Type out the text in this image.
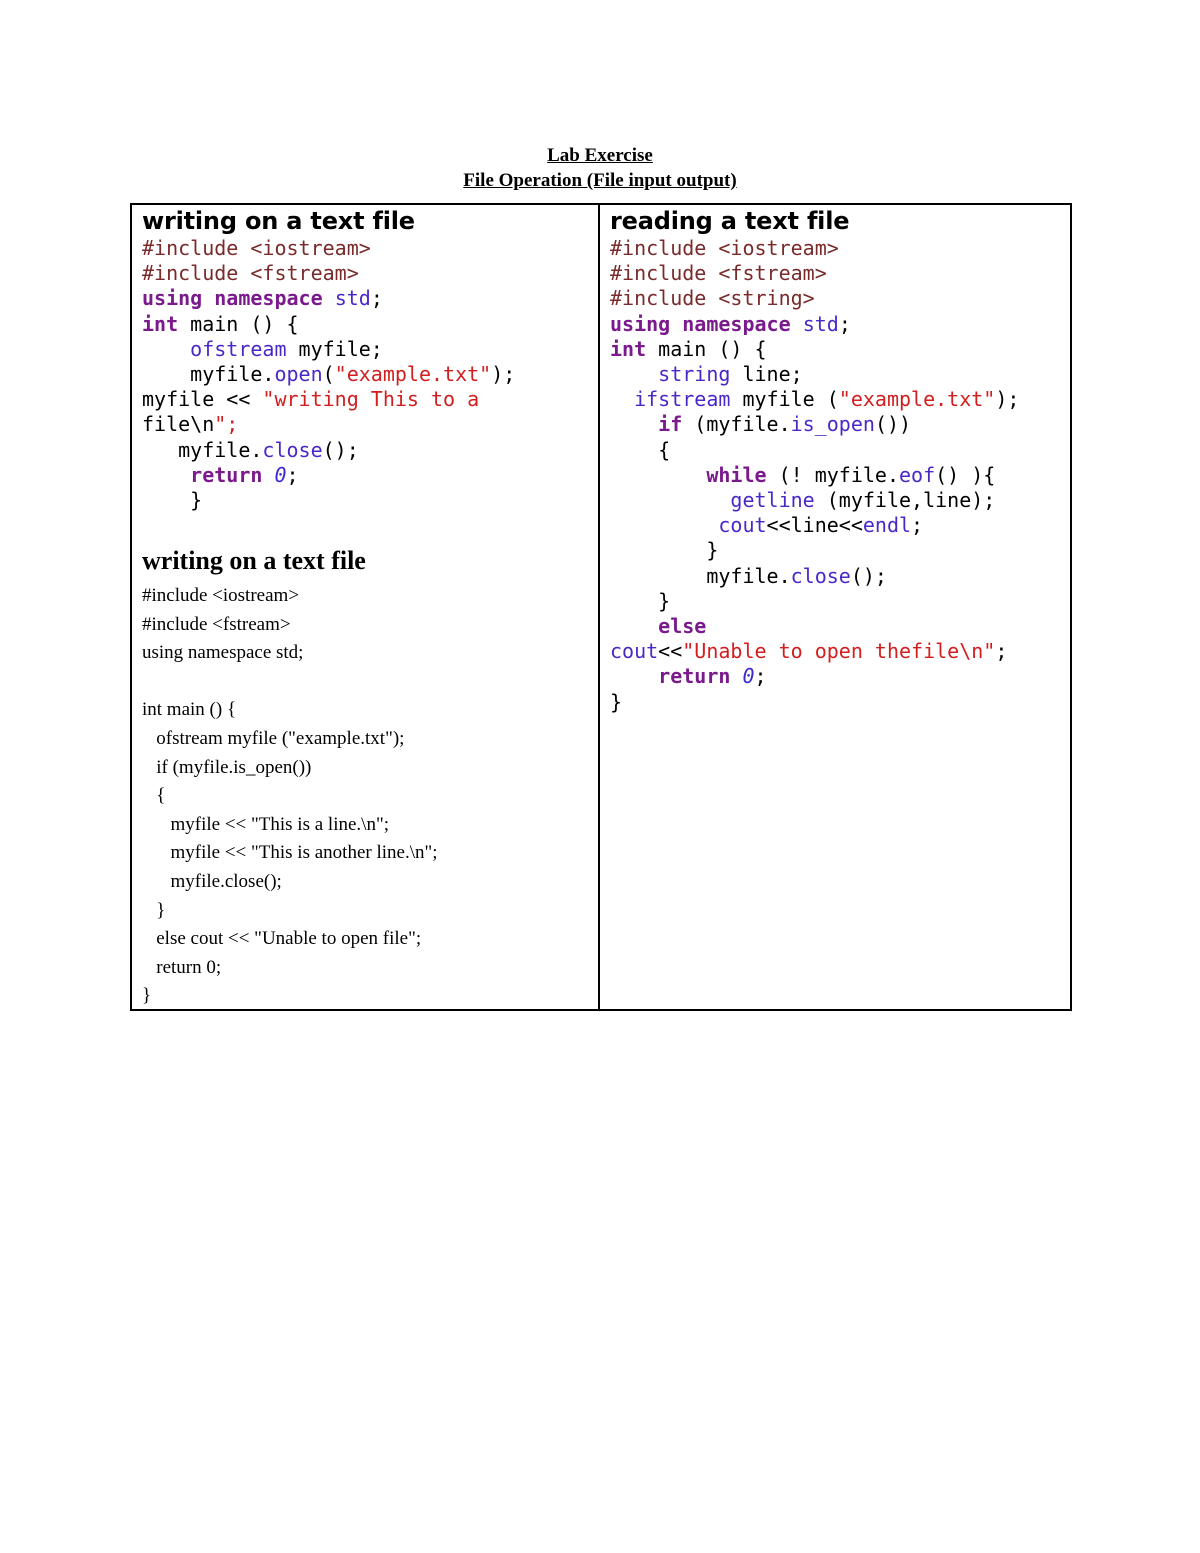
Lab Exercise
File Operation (File input output)
writing on a text file
#include <iostream>
#include <fstream>
using namespace std;
int main () {
ofstream myfile;
myfile.open("example.txt");
myfile << "writing This to a
file\n";
myfile.close();
return 0;
}
writing on a text file
#include <iostream>
#include <fstream>
using namespace std;

int main () {
ofstream myfile ("example.txt");
if (myfile.is_open())
{
myfile << "This is a line.\n";
myfile << "This is another line.\n";
myfile.close();
}
else cout << "Unable to open file";
return 0;
}
reading a text file
#include <iostream>
#include <fstream>
#include <string>
using namespace std;
int main () {
string line;
ifstream myfile ("example.txt");
if (myfile.is_open())
{
while (! myfile.eof() ){
getline (myfile,line);
cout<<line<<endl;
}
myfile.close();
}
else
cout<<"Unable to open thefile\n";
return 0;
}
